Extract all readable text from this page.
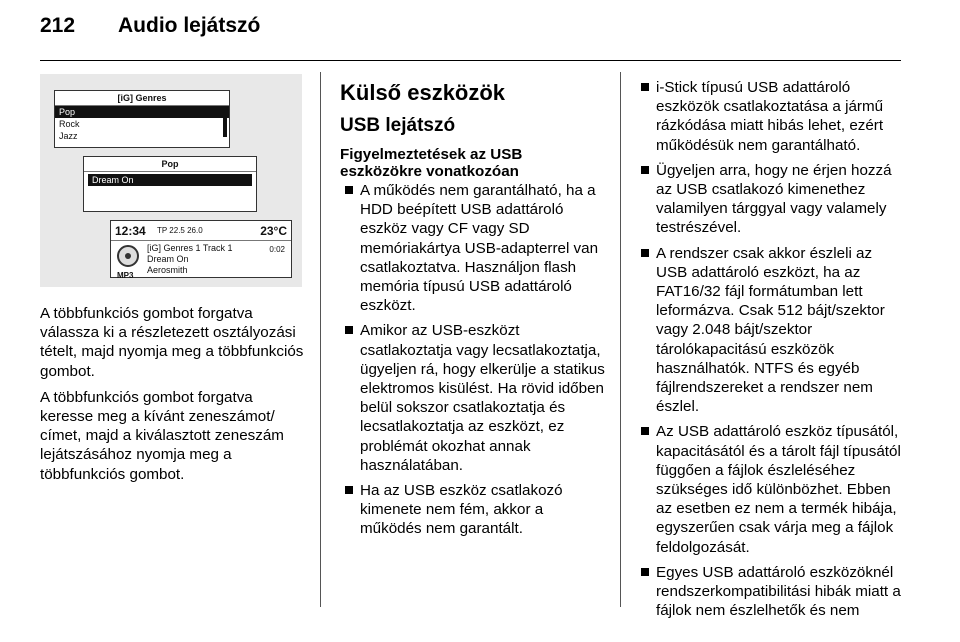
212 Audio lejátszó
[iG] Genres
Pop
Rock
Jazz
Pop
Dream On
12:34 TP 22.5 26.0	23°C
MP3
[iG] Genres 1 Track 1	0:02
Dream On
Aerosmith

A többfunkciós gombot forgatva válassza ki a részletezett osztályozási tételt, majd nyomja meg a többfunkciós gombot.

A többfunkciós gombot forgatva keresse meg a kívánt zeneszámot/ címet, majd a kiválasztott zeneszám lejátszásához nyomja meg a többfunkciós gombot.

Külső eszközök
USB lejátszó
Figyelmeztetések az USB
eszközökre vonatkozóan
A működés nem garantálható, ha a HDD beépített USB adattároló eszköz vagy CF vagy SD memóriakártya USB-adapterrel van csatlakoztatva. Használjon flash memória típusú USB adattároló eszközt.
Amikor az USB-eszközt csatlakoztatja vagy lecsatlakoztatja, ügyeljen rá, hogy elkerülje a statikus elektromos kisülést. Ha rövid időben belül sokszor csatlakoztatja és lecsatlakoztatja az eszközt, ez problémát okozhat annak használatában.
Ha az USB eszköz csatlakozó kimenete nem fém, akkor a működés nem garantált.
i-Stick típusú USB adattároló eszközök csatlakoztatása a jármű rázkódása miatt hibás lehet, ezért működésük nem garantálható.
Ügyeljen arra, hogy ne érjen hozzá az USB csatlakozó kimenethez valamilyen tárggyal vagy valamely testrészével.
A rendszer csak akkor észleli az USB adattároló eszközt, ha az FAT16/32 fájl formátumban lett leformázva. Csak 512 bájt/szektor vagy 2.048 bájt/szektor tárolókapacitású eszközök használhatók. NTFS és egyéb fájlrendszereket a rendszer nem észlel.
Az USB adattároló eszköz típusától, kapacitásától és a tárolt fájl típusától függően a fájlok észleléséhez szükséges idő különbözhet. Ebben az esetben ez nem a termék hibája, egyszerűen csak várja meg a fájlok feldolgozását.
Egyes USB adattároló eszközöknél rendszerkompatibilitási hibák miatt a fájlok nem észlelhetők és nem
